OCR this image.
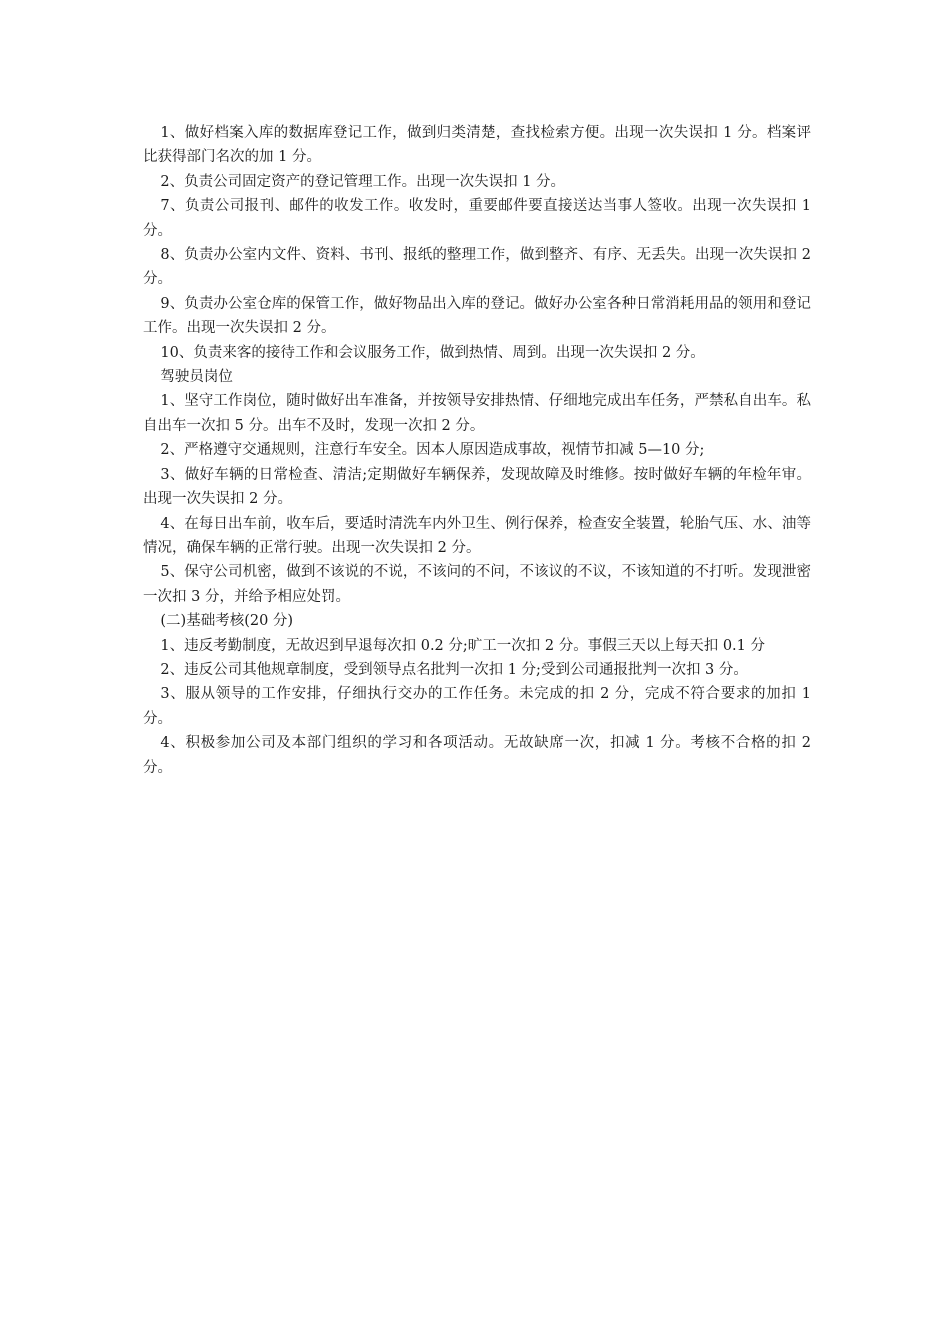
1、做好档案入库的数据库登记工作，做到归类清楚，查找检索方便。出现一次失误扣 1 分。档案评比获得部门名次的加 1 分。

2、负责公司固定资产的登记管理工作。出现一次失误扣 1 分。

7、负责公司报刊、邮件的收发工作。收发时，重要邮件要直接送达当事人签收。出现一次失误扣 1 分。

8、负责办公室内文件、资料、书刊、报纸的整理工作，做到整齐、有序、无丢失。出现一次失误扣 2 分。

9、负责办公室仓库的保管工作，做好物品出入库的登记。做好办公室各种日常消耗用品的领用和登记工作。出现一次失误扣 2 分。

10、负责来客的接待工作和会议服务工作，做到热情、周到。出现一次失误扣 2 分。

驾驶员岗位

1、坚守工作岗位，随时做好出车准备，并按领导安排热情、仔细地完成出车任务，严禁私自出车。私自出车一次扣 5 分。出车不及时，发现一次扣 2 分。

2、严格遵守交通规则，注意行车安全。因本人原因造成事故，视情节扣减 5—10 分;

3、做好车辆的日常检查、清洁;定期做好车辆保养，发现故障及时维修。按时做好车辆的年检年审。出现一次失误扣 2 分。

4、在每日出车前，收车后，要适时清洗车内外卫生、例行保养，检查安全装置，轮胎气压、水、油等情况，确保车辆的正常行驶。出现一次失误扣 2 分。

5、保守公司机密，做到不该说的不说，不该问的不问，不该议的不议，不该知道的不打听。发现泄密一次扣 3 分，并给予相应处罚。

(二)基础考核(20 分)

1、违反考勤制度，无故迟到早退每次扣 0.2 分;旷工一次扣 2 分。事假三天以上每天扣 0.1 分

2、违反公司其他规章制度，受到领导点名批判一次扣 1 分;受到公司通报批判一次扣 3 分。

3、服从领导的工作安排，仔细执行交办的工作任务。未完成的扣 2 分，完成不符合要求的加扣 1 分。

4、积极参加公司及本部门组织的学习和各项活动。无故缺席一次，扣减 1 分。考核不合格的扣 2 分。
